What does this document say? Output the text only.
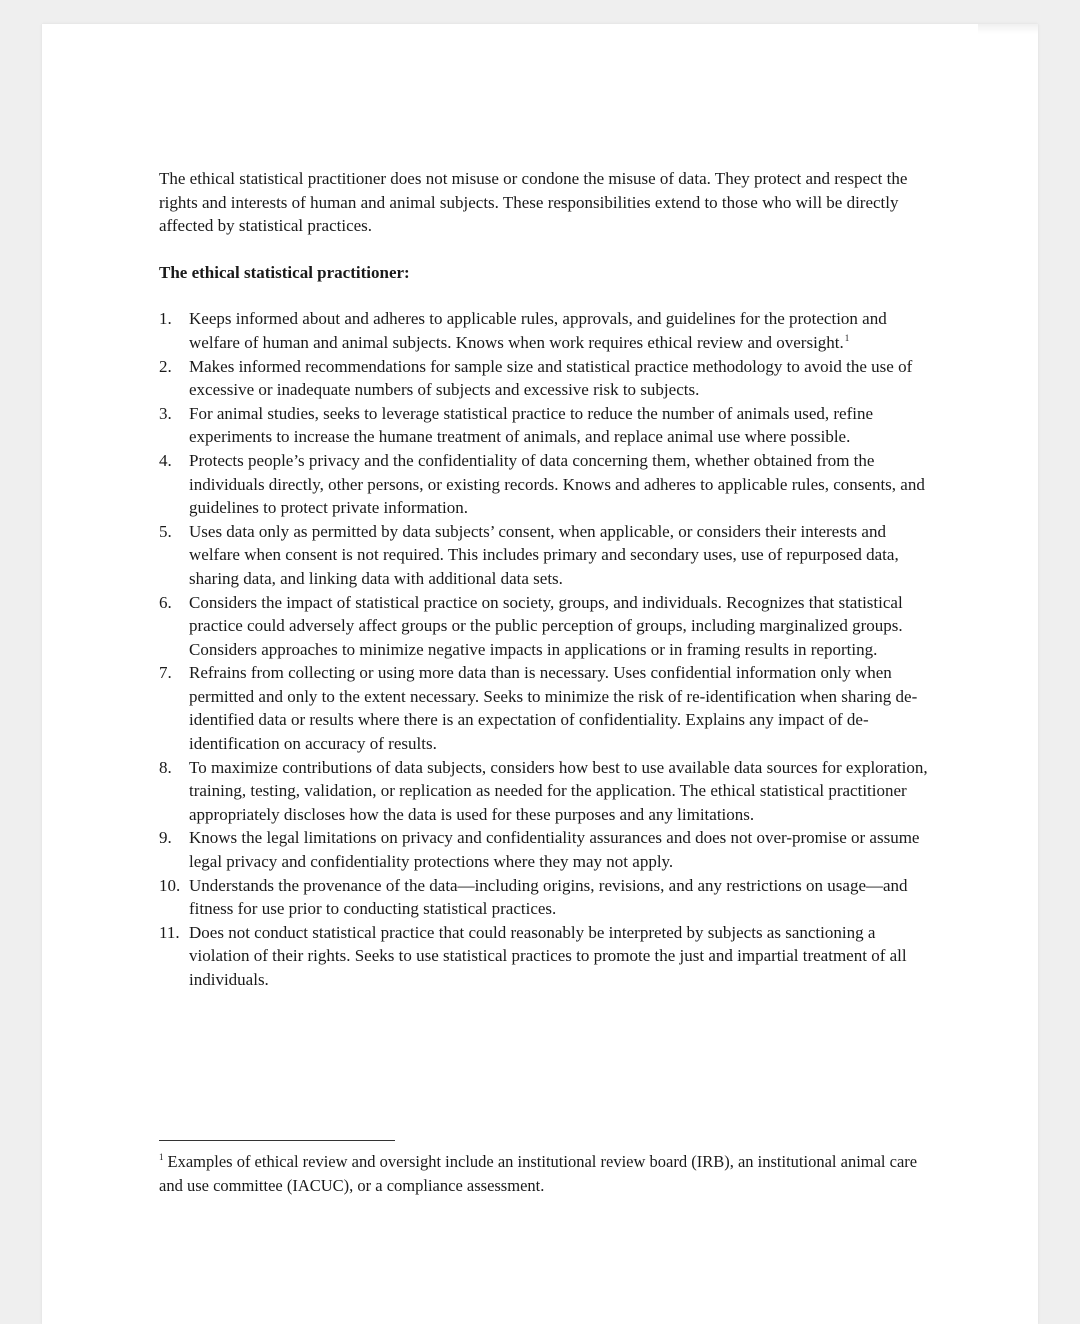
The ethical statistical practitioner does not misuse or condone the misuse of data. They protect and respect the rights and interests of human and animal subjects. These responsibilities extend to those who will be directly affected by statistical practices.

The ethical statistical practitioner:

1. Keeps informed about and adheres to applicable rules, approvals, and guidelines for the protection and welfare of human and animal subjects. Knows when work requires ethical review and oversight.$^1$
2. Makes informed recommendations for sample size and statistical practice methodology to avoid the use of excessive or inadequate numbers of subjects and excessive risk to subjects.
3. For animal studies, seeks to leverage statistical practice to reduce the number of animals used, refine experiments to increase the humane treatment of animals, and replace animal use where possible.
4. Protects people’s privacy and the confidentiality of data concerning them, whether obtained from the individuals directly, other persons, or existing records. Knows and adheres to applicable rules, consents, and guidelines to protect private information.
5. Uses data only as permitted by data subjects’ consent, when applicable, or considers their interests and welfare when consent is not required. This includes primary and secondary uses, use of repurposed data, sharing data, and linking data with additional data sets.
6. Considers the impact of statistical practice on society, groups, and individuals. Recognizes that statistical practice could adversely affect groups or the public perception of groups, including marginalized groups. Considers approaches to minimize negative impacts in applications or in framing results in reporting.
7. Refrains from collecting or using more data than is necessary. Uses confidential information only when permitted and only to the extent necessary. Seeks to minimize the risk of re-identification when sharing de-identified data or results where there is an expectation of confidentiality. Explains any impact of de-identification on accuracy of results.
8. To maximize contributions of data subjects, considers how best to use available data sources for exploration, training, testing, validation, or replication as needed for the application. The ethical statistical practitioner appropriately discloses how the data is used for these purposes and any limitations.
9. Knows the legal limitations on privacy and confidentiality assurances and does not over-promise or assume legal privacy and confidentiality protections where they may not apply.
10. Understands the provenance of the data—including origins, revisions, and any restrictions on usage—and fitness for use prior to conducting statistical practices.
11. Does not conduct statistical practice that could reasonably be interpreted by subjects as sanctioning a violation of their rights. Seeks to use statistical practices to promote the just and impartial treatment of all individuals.

$^1$ Examples of ethical review and oversight include an institutional review board (IRB), an institutional animal care and use committee (IACUC), or a compliance assessment.
